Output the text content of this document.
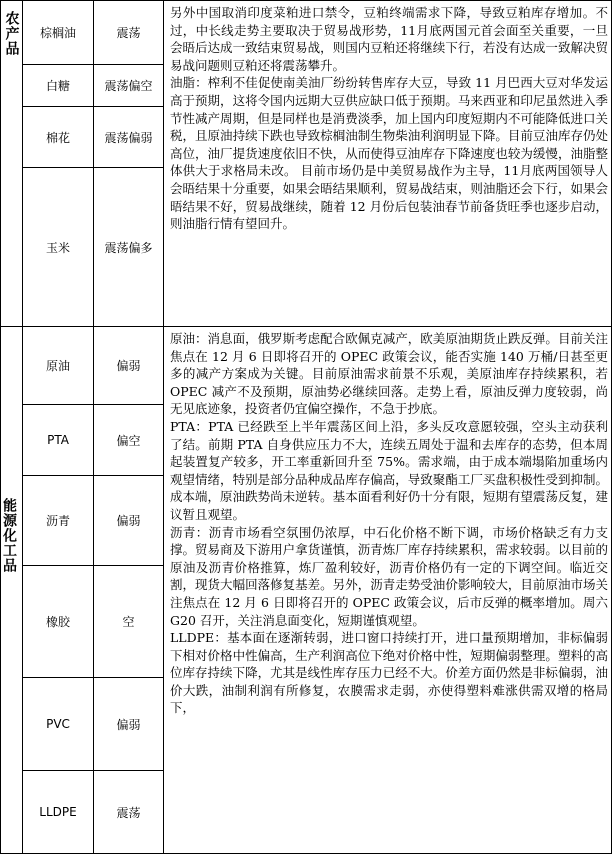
农产品	棕榈油	震荡
白糖	震荡偏空
棉花	震荡偏弱
玉米	震荡偏多

另外中国取消印度菜粕进口禁令，豆粕终端需求下降，导致豆粕库存增加。不过，中长线走势主要取决于贸易战形势，11月底两国元首会面至关重要，一旦会晤后达成一致结束贸易战，则国内豆粕还将继续下行，若没有达成一致解决贸易战问题则豆粕还将震荡攀升。

油脂：榨利不佳促使南美油厂纷纷转售库存大豆，导致 11 月巴西大豆对华发运高于预期，这将令国内远期大豆供应缺口低于预期。马来西亚和印尼虽然进入季节性减产周期，但是同样也是消费淡季，加上国内印度短期内不可能降低进口关税，且原油持续下跌也导致棕榈油制生物柴油利润明显下降。目前豆油库存仍处高位，油厂提货速度依旧不快，从而使得豆油库存下降速度也较为缓慢，油脂整体供大于求格局未改。 目前市场仍是中美贸易战作为主导，11月底两国领导人会晤结果十分重要，如果会晤结果顺利，贸易战结束，则油脂还会下行，如果会晤结果不好，贸易战继续，随着 12 月份后包装油春节前备货旺季也逐步启动，则油脂行情有望回升。

能源化工品
原油	偏弱
PTA	偏空
沥青	偏弱
橡胶	空
PVC	偏弱
LLDPE	震荡

原油：消息面，俄罗斯考虑配合欧佩克减产，欧美原油期货止跌反弹。目前关注焦点在 12 月 6 日即将召开的 OPEC 政策会议，能否实施 140 万桶/日甚至更多的减产方案成为关键。目前原油需求前景不乐观，美原油库存持续累积，若 OPEC 减产不及预期，原油势必继续回落。走势上看，原油反弹力度较弱，尚无见底迹象，投资者仍宜偏空操作，不急于抄底。

PTA：PTA 已经跌至上半年震荡区间上沿，多头反攻意愿较强，空头主动获利了结。前期 PTA 自身供应压力不大，连续五周处于温和去库存的态势，但本周起装置复产较多，开工率重新回升至 75%。需求端，由于成本端塌陷加重场内观望情绪，特别是部分品种成品库存偏高，导致聚酯工厂买盘积极性受到抑制。成本端，原油跌势尚未逆转。基本面看利好仍十分有限，短期有望震荡反复，建议暂且观望。

沥青：沥青市场看空氛围仍浓厚，中石化价格不断下调，市场价格缺乏有力支撑。贸易商及下游用户拿货谨慎，沥青炼厂库存持续累积，需求较弱。以目前的原油及沥青价格推算，炼厂盈利较好，沥青价格仍有一定的下调空间。临近交割，现货大幅回落修复基差。另外，沥青走势受油价影响较大，目前原油市场关注焦点在 12 月 6 日即将召开的 OPEC 政策会议，后市反弹的概率增加。周六 G20 召开，关注消息面变化，短期谨慎观望。

LLDPE：基本面在逐渐转弱，进口窗口持续打开，进口量预期增加，非标偏弱下相对价格中性偏高，生产利润高位下绝对价格中性，短期偏弱整理。塑料的高位库存持续下降，尤其是线性库存压力已经不大。价差方面仍然是非标偏弱，油价大跌，油制利润有所修复，农膜需求走弱，亦使得塑料难涨供需双增的格局下，
